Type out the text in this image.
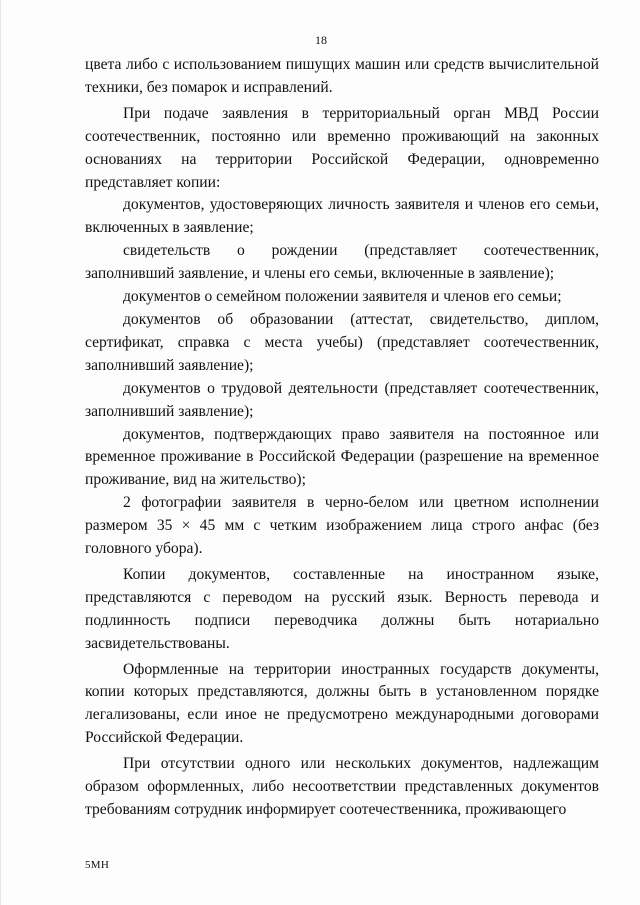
18

цвета либо с использованием пишущих машин или средств вычислительной техники, без помарок и исправлений.

При подаче заявления в территориальный орган МВД России соотечественник, постоянно или временно проживающий на законных основаниях на территории Российской Федерации, одновременно представляет копии:

документов, удостоверяющих личность заявителя и членов его семьи, включенных в заявление;

свидетельств о рождении (представляет соотечественник, заполнивший заявление, и члены его семьи, включенные в заявление);

документов о семейном положении заявителя и членов его семьи;

документов об образовании (аттестат, свидетельство, диплом, сертификат, справка с места учебы) (представляет соотечественник, заполнивший заявление);

документов о трудовой деятельности (представляет соотечественник, заполнивший заявление);

документов, подтверждающих право заявителя на постоянное или временное проживание в Российской Федерации (разрешение на временное проживание, вид на жительство);

2 фотографии заявителя в черно-белом или цветном исполнении размером 35 × 45 мм с четким изображением лица строго анфас (без головного убора).

Копии документов, составленные на иностранном языке, представляются с переводом на русский язык. Верность перевода и подлинность подписи переводчика должны быть нотариально засвидетельствованы.

Оформленные на территории иностранных государств документы, копии которых представляются, должны быть в установленном порядке легализованы, если иное не предусмотрено международными договорами Российской Федерации.

При отсутствии одного или нескольких документов, надлежащим образом оформленных, либо несоответствии представленных документов требованиям сотрудник информирует соотечественника, проживающего

5MH
